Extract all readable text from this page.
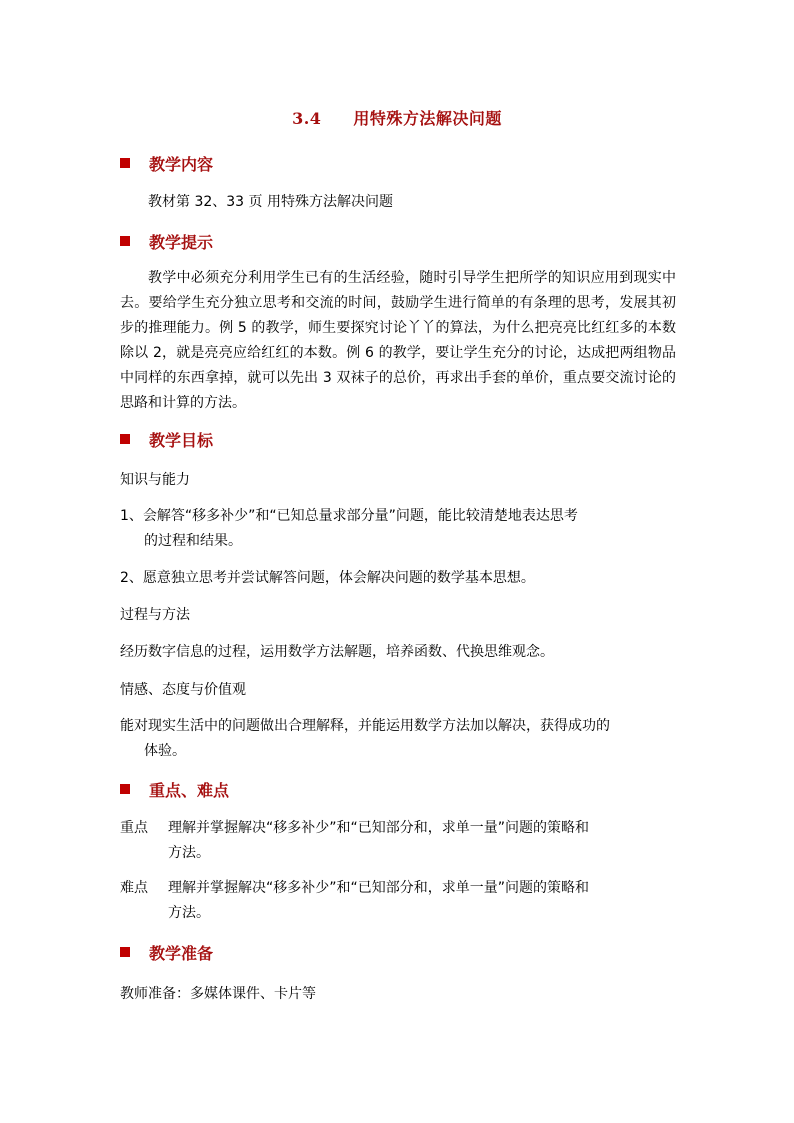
3.4 用特殊方法解决问题
教学内容
教材第 32、33 页 用特殊方法解决问题
教学提示
教学中必须充分利用学生已有的生活经验，随时引导学生把所学的知识应用到现实中去。要给学生充分独立思考和交流的时间，鼓励学生进行简单的有条理的思考，发展其初步的推理能力。例 5 的教学，师生要探究讨论丫丫的算法，为什么把亮亮比红红多的本数除以 2，就是亮亮应给红红的本数。例 6 的教学，要让学生充分的讨论，达成把两组物品中同样的东西拿掉，就可以先出 3 双袜子的总价，再求出手套的单价，重点要交流讨论的思路和计算的方法。
教学目标
知识与能力
1、会解答“移多补少”和“已知总量求部分量”问题，能比较清楚地表达思考
的过程和结果。
2、愿意独立思考并尝试解答问题，体会解决问题的数学基本思想。
过程与方法
经历数字信息的过程，运用数学方法解题，培养函数、代换思维观念。
情感、态度与价值观
能对现实生活中的问题做出合理解释，并能运用数学方法加以解决，获得成功的
体验。
重点、难点
重点	理解并掌握解决“移多补少”和“已知部分和，求单一量”问题的策略和
方法。
难点	理解并掌握解决“移多补少”和“已知部分和，求单一量”问题的策略和
方法。
教学准备
教师准备：多媒体课件、卡片等
